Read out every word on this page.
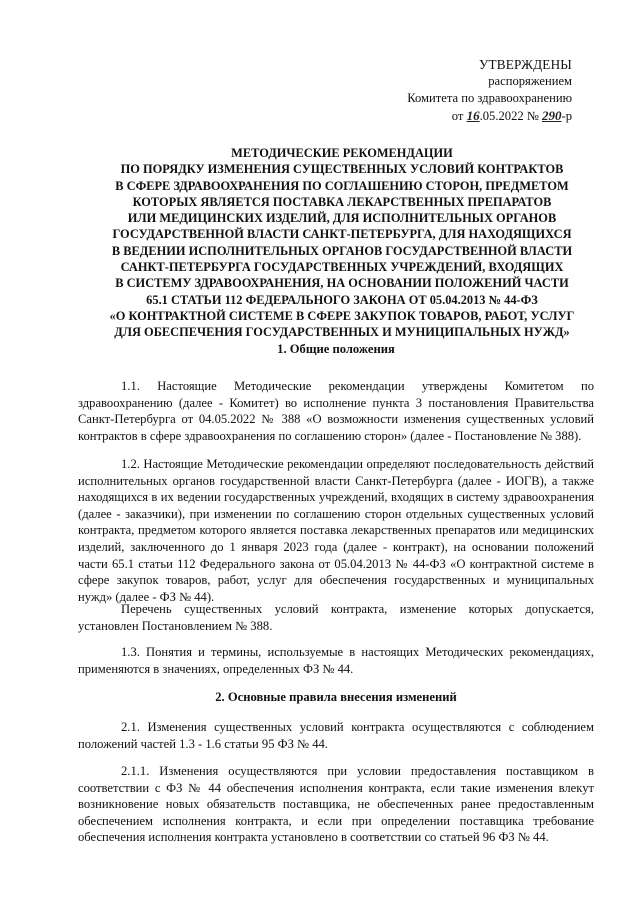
УТВЕРЖДЕНЫ
распоряжением
Комитета по здравоохранению
от 16.05.2022 № 290-р
МЕТОДИЧЕСКИЕ РЕКОМЕНДАЦИИ
ПО ПОРЯДКУ ИЗМЕНЕНИЯ СУЩЕСТВЕННЫХ УСЛОВИЙ КОНТРАКТОВ
В СФЕРЕ ЗДРАВООХРАНЕНИЯ ПО СОГЛАШЕНИЮ СТОРОН, ПРЕДМЕТОМ
КОТОРЫХ ЯВЛЯЕТСЯ ПОСТАВКА ЛЕКАРСТВЕННЫХ ПРЕПАРАТОВ
ИЛИ МЕДИЦИНСКИХ ИЗДЕЛИЙ, ДЛЯ ИСПОЛНИТЕЛЬНЫХ ОРГАНОВ
ГОСУДАРСТВЕННОЙ ВЛАСТИ САНКТ-ПЕТЕРБУРГА, ДЛЯ НАХОДЯЩИХСЯ
В ВЕДЕНИИ ИСПОЛНИТЕЛЬНЫХ ОРГАНОВ ГОСУДАРСТВЕННОЙ ВЛАСТИ
САНКТ-ПЕТЕРБУРГА ГОСУДАРСТВЕННЫХ УЧРЕЖДЕНИЙ, ВХОДЯЩИХ
В СИСТЕМУ ЗДРАВООХРАНЕНИЯ, НА ОСНОВАНИИ ПОЛОЖЕНИЙ ЧАСТИ
65.1 СТАТЬИ 112 ФЕДЕРАЛЬНОГО ЗАКОНА ОТ 05.04.2013 № 44-ФЗ
«О КОНТРАКТНОЙ СИСТЕМЕ В СФЕРЕ ЗАКУПОК ТОВАРОВ, РАБОТ, УСЛУГ
ДЛЯ ОБЕСПЕЧЕНИЯ ГОСУДАРСТВЕННЫХ И МУНИЦИПАЛЬНЫХ НУЖД»
1. Общие положения

1.1. Настоящие Методические рекомендации утверждены Комитетом по здравоохранению (далее - Комитет) во исполнение пункта 3 постановления Правительства Санкт-Петербурга от 04.05.2022 № 388 «О возможности изменения существенных условий контрактов в сфере здравоохранения по соглашению сторон» (далее - Постановление № 388).

1.2. Настоящие Методические рекомендации определяют последовательность действий исполнительных органов государственной власти Санкт-Петербурга (далее - ИОГВ), а также находящихся в их ведении государственных учреждений, входящих в систему здравоохранения (далее - заказчики), при изменении по соглашению сторон отдельных существенных условий контракта, предметом которого является поставка лекарственных препаратов или медицинских изделий, заключенного до 1 января 2023 года (далее - контракт), на основании положений части 65.1 статьи 112 Федерального закона от 05.04.2013 № 44-ФЗ «О контрактной системе в сфере закупок товаров, работ, услуг для обеспечения государственных и муниципальных нужд» (далее - ФЗ № 44).

Перечень существенных условий контракта, изменение которых допускается, установлен Постановлением № 388.

1.3. Понятия и термины, используемые в настоящих Методических рекомендациях, применяются в значениях, определенных ФЗ № 44.

2. Основные правила внесения изменений

2.1. Изменения существенных условий контракта осуществляются с соблюдением положений частей 1.3 - 1.6 статьи 95 ФЗ № 44.

2.1.1. Изменения осуществляются при условии предоставления поставщиком в соответствии с ФЗ № 44 обеспечения исполнения контракта, если такие изменения влекут возникновение новых обязательств поставщика, не обеспеченных ранее предоставленным обеспечением исполнения контракта, и если при определении поставщика требование обеспечения исполнения контракта установлено в соответствии со статьей 96 ФЗ № 44.
